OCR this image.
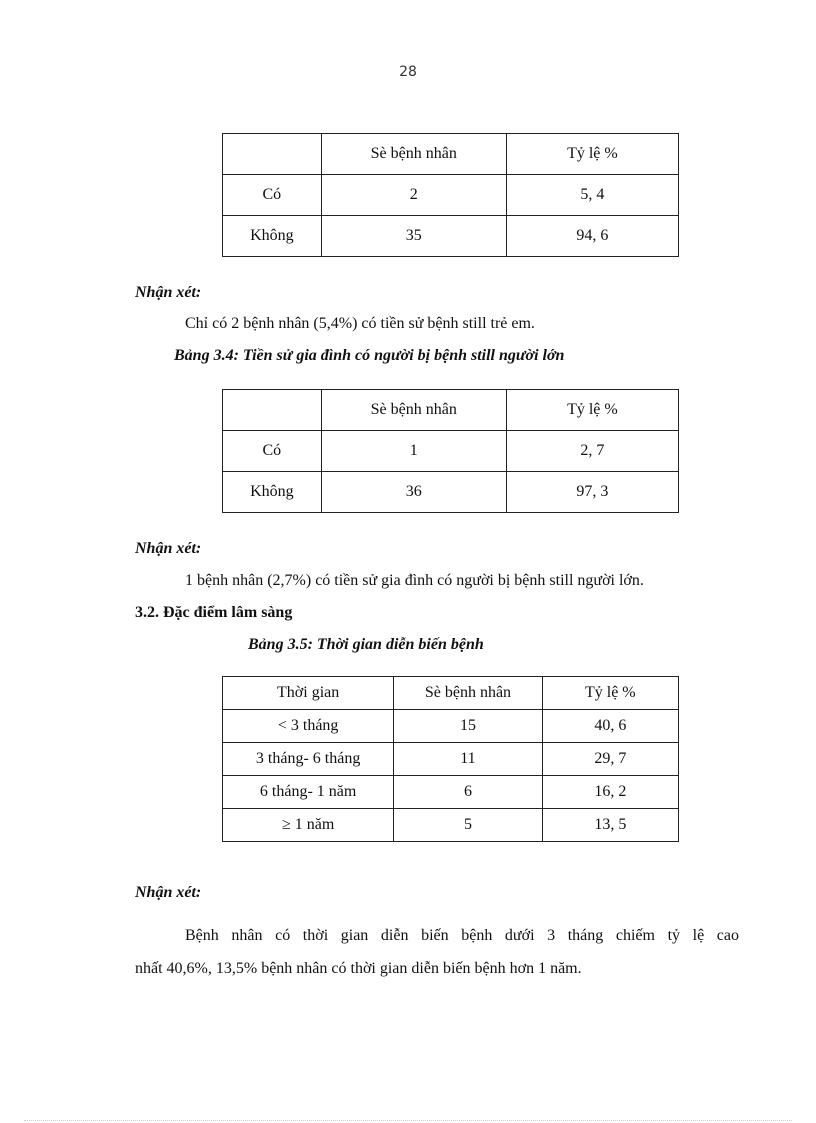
28
	Sè bệnh nhân	Tỷ lệ %
Có	2	5, 4
Không	35	94, 6
Nhận xét:
Chỉ có 2 bệnh nhân (5,4%) có tiền sử bệnh still trẻ em.
Bảng 3.4: Tiền sử gia đình có người bị bệnh still người lớn
	Sè bệnh nhân	Tỷ lệ %
Có	1	2, 7
Không	36	97, 3
Nhận xét:
1 bệnh nhân (2,7%) có tiền sử gia đình có người bị bệnh still người lớn.
3.2. Đặc điểm lâm sàng
Bảng 3.5: Thời gian diễn biến bệnh
Thời gian	Sè bệnh nhân	Tỷ lệ %
< 3 tháng	15	40, 6
3 tháng- 6 tháng	11	29, 7
6 tháng- 1 năm	6	16, 2
≥ 1 năm	5	13, 5
Nhận xét:
Bệnh nhân có thời gian diễn biến bệnh dưới 3 tháng chiếm tỷ lệ cao
nhất 40,6%, 13,5% bệnh nhân có thời gian diễn biến bệnh hơn 1 năm.
